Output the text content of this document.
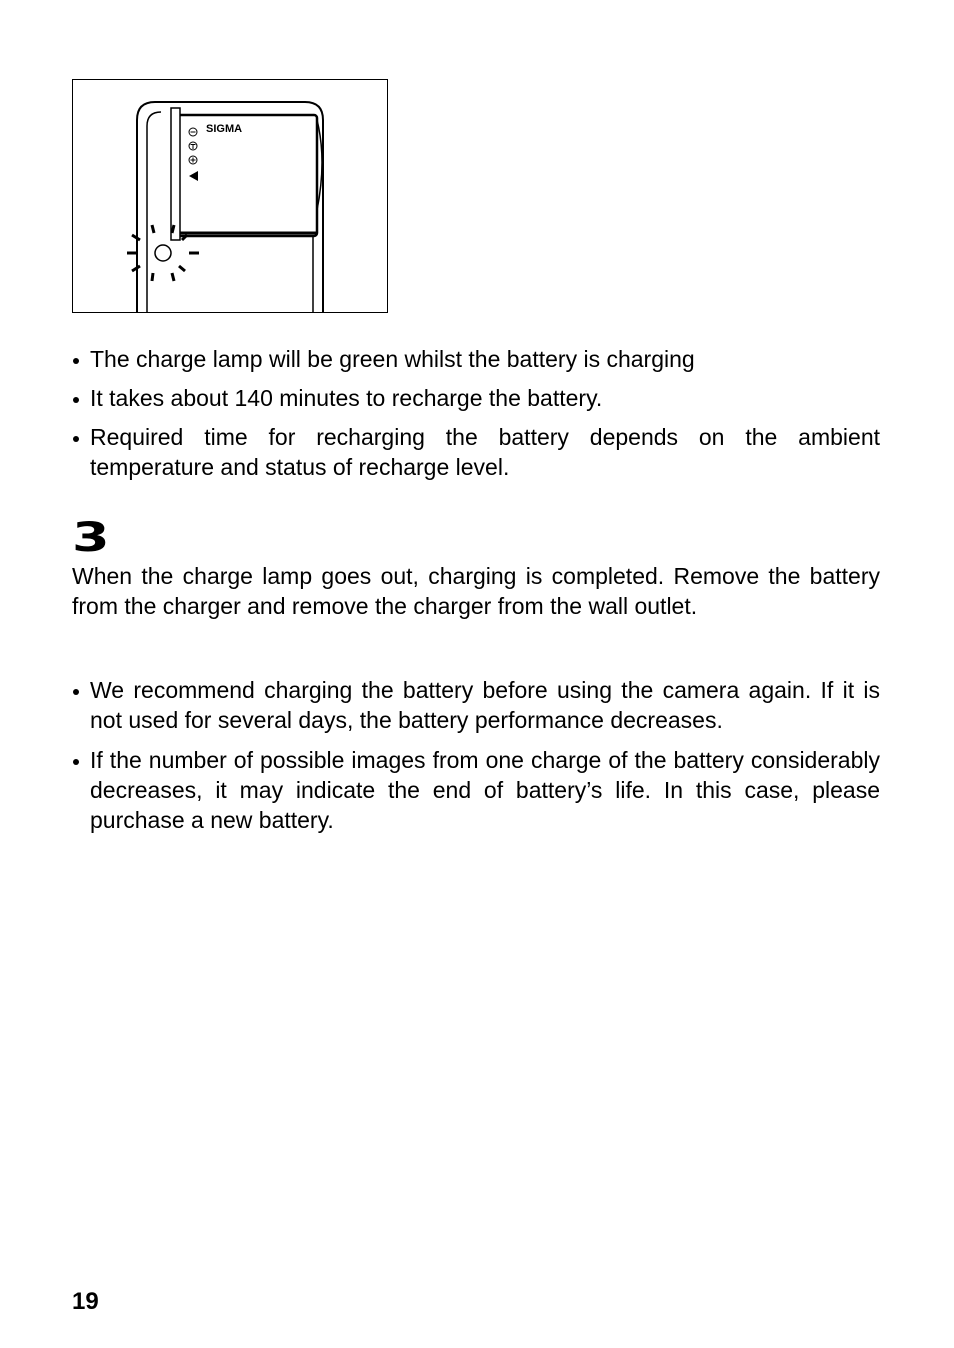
SIGMA
The charge lamp will be green whilst the battery is charging
It takes about 140 minutes to recharge the battery.
Required time for recharging the battery depends on the ambient temperature and status of recharge level.
3

When the charge lamp goes out, charging is completed. Remove the battery from the charger and remove the charger from the wall outlet.

We recommend charging the battery before using the camera again. If it is not used for several days, the battery performance decreases.
If the number of possible images from one charge of the battery considerably decreases, it may indicate the end of battery’s life. In this case, please purchase a new battery.
19
